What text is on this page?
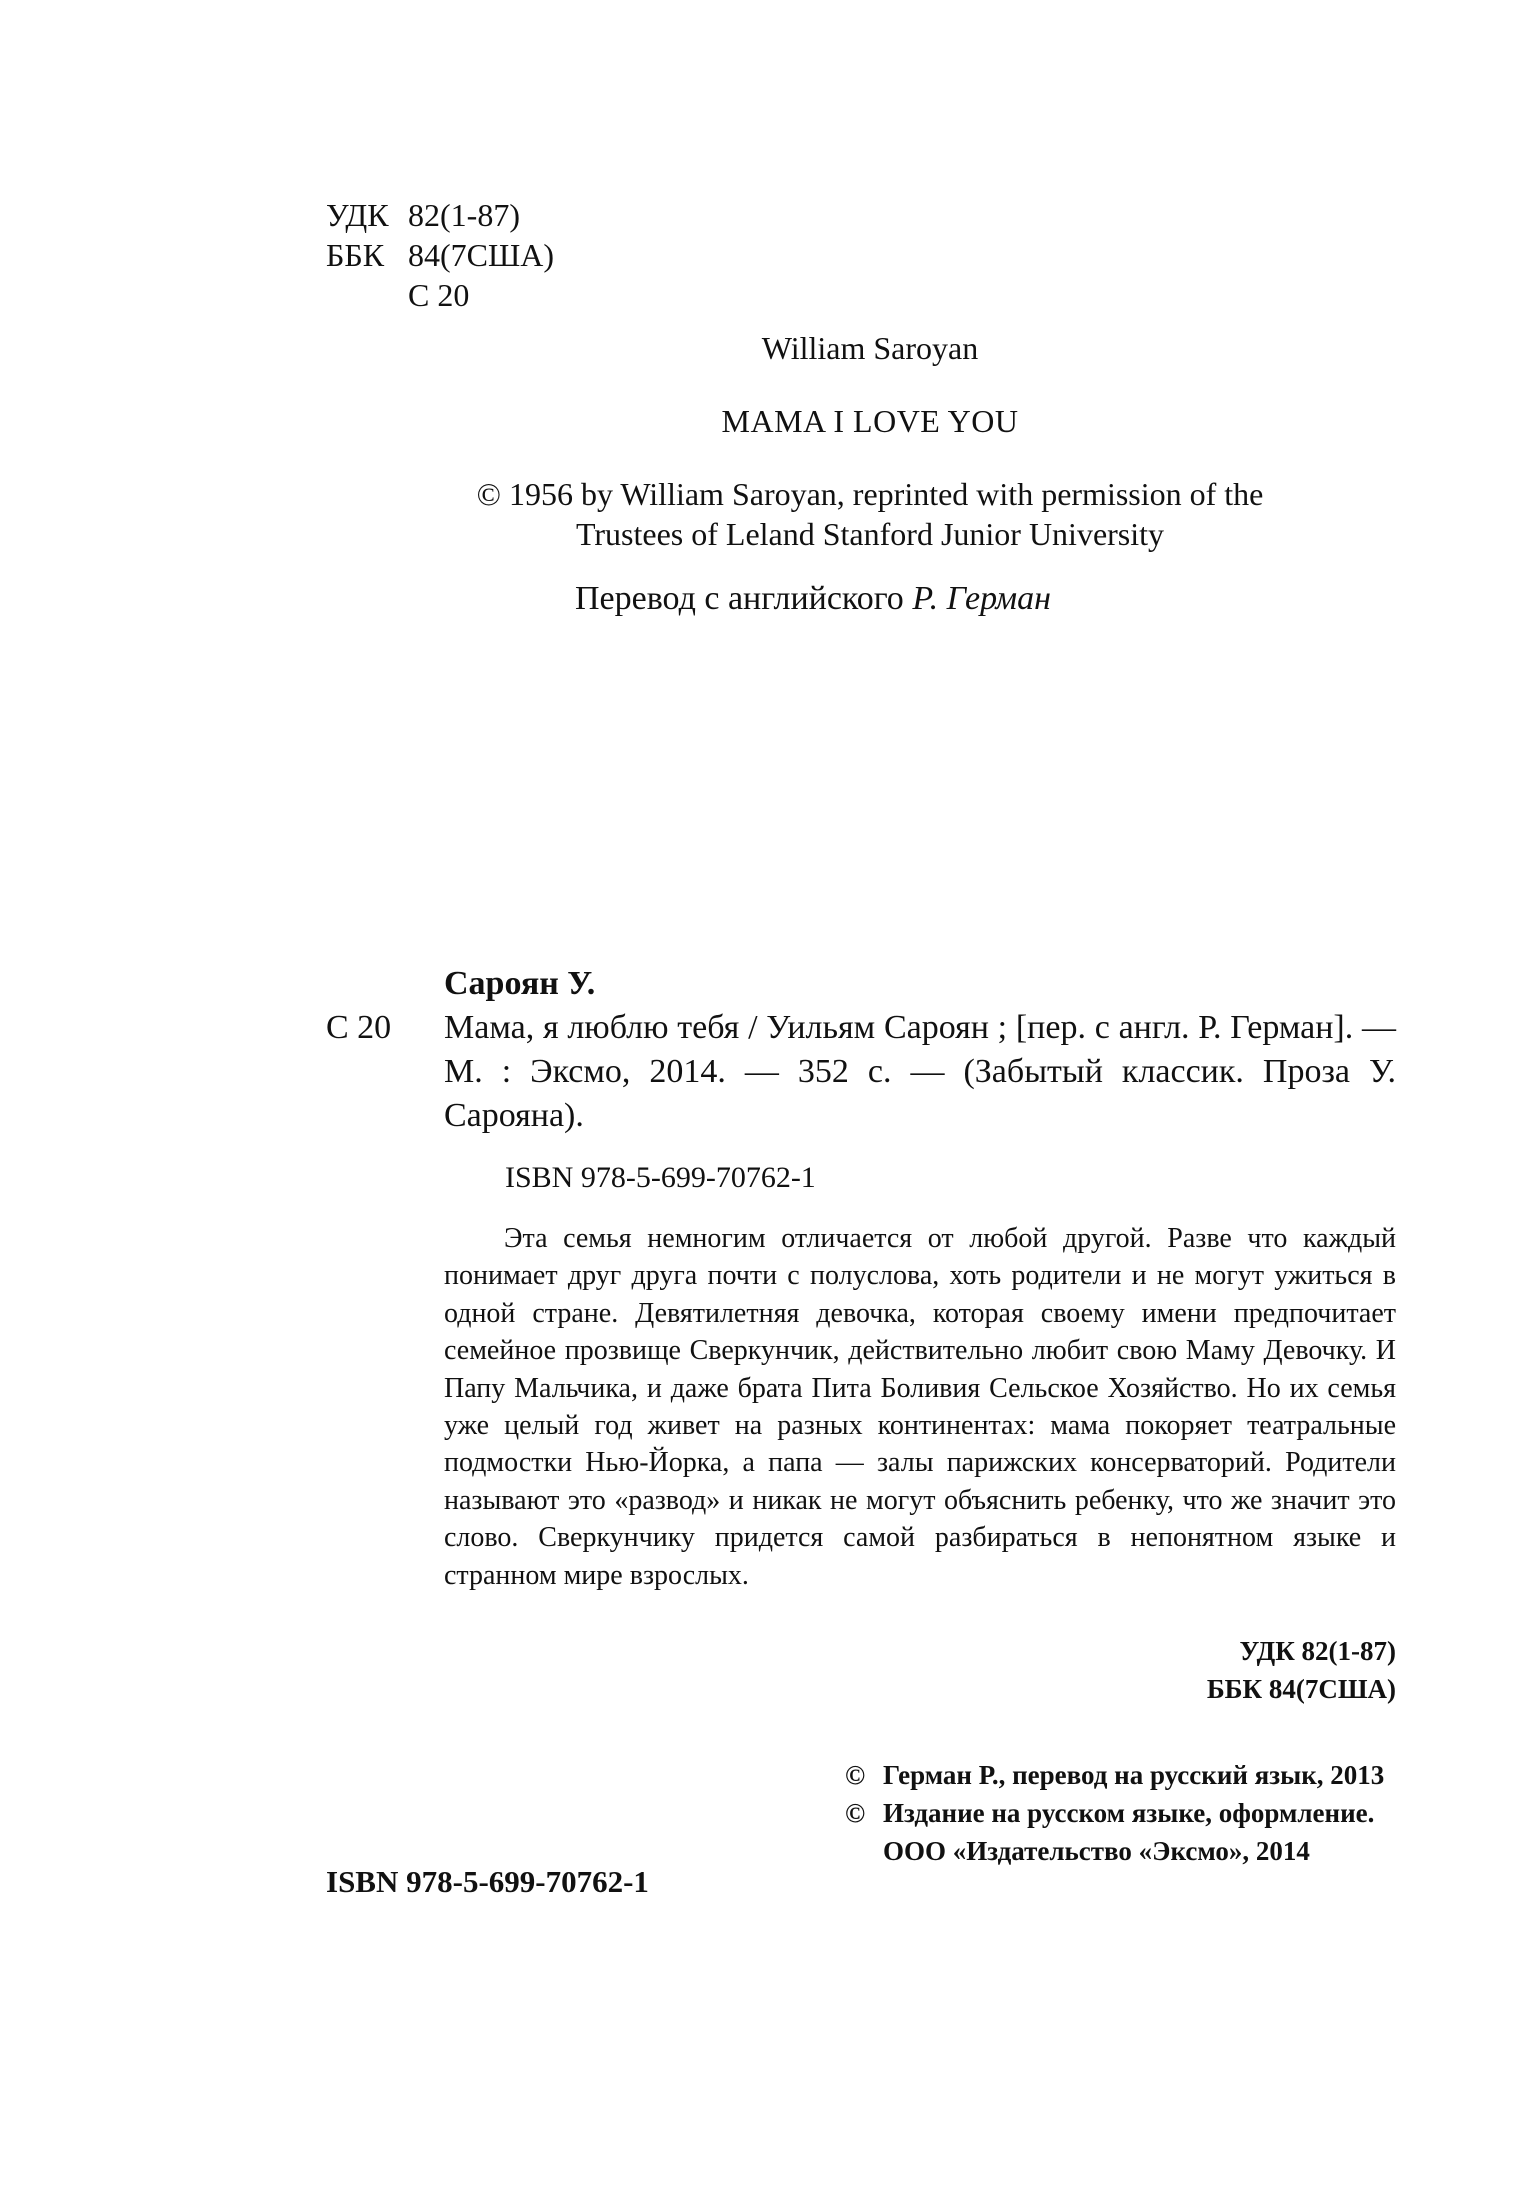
УДК 82(1-87)
ББК 84(7США)
С 20
William Saroyan
MAMA I LOVE YOU
© 1956 by William Saroyan, reprinted with permission of the Trustees of Leland Stanford Junior University
Перевод с английского Р. Герман
Сароян У.
С 20 Мама, я люблю тебя / Уильям Сароян ; [пер. с англ. Р. Герман]. — М. : Эксмо, 2014. — 352 с. — (Забытый классик. Проза У. Сарояна).
ISBN 978-5-699-70762-1
Эта семья немногим отличается от любой другой. Разве что каждый понимает друг друга почти с полуслова, хоть родители и не могут ужиться в одной стране. Девятилетняя девочка, которая своему имени предпочитает семейное прозвище Сверкунчик, действительно любит свою Маму Девочку. И Папу Мальчика, и даже брата Пита Боливия Сельское Хозяйство. Но их семья уже целый год живет на разных континентах: мама покоряет театральные подмостки Нью-Йорка, а папа — залы парижских консерваторий. Родители называют это «развод» и никак не могут объяснить ребенку, что же значит это слово. Сверкунчику придется самой разбираться в непонятном языке и странном мире взрослых.
УДК 82(1-87)
ББК 84(7США)
© Герман Р., перевод на русский язык, 2013
© Издание на русском языке, оформление. ООО «Издательство «Эксмо», 2014
ISBN 978-5-699-70762-1
